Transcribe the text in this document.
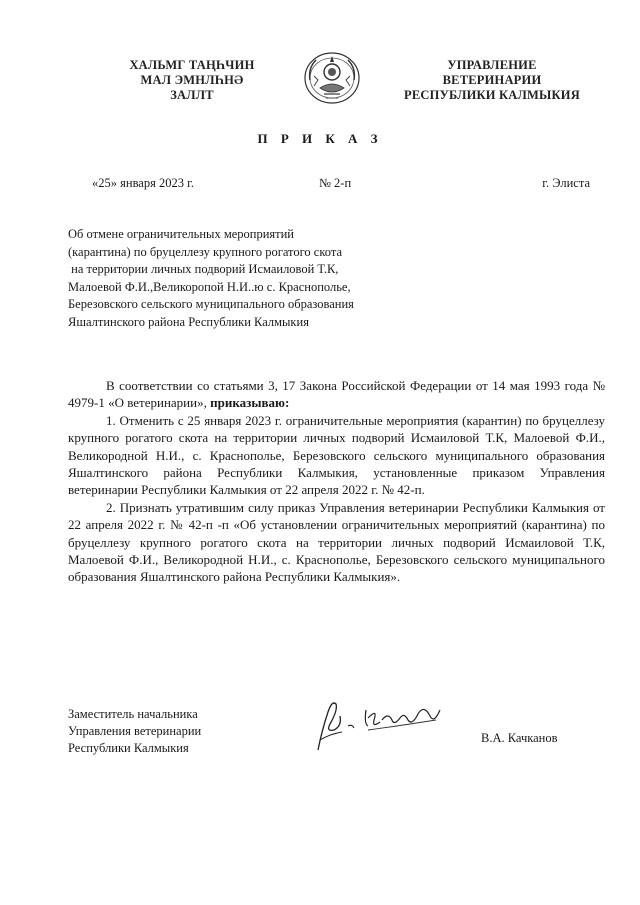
ХАЛЬМГ ТАҢҺЧИН
МАЛ ЭМНЛҺНӘ
ЗАЛЛТ
УПРАВЛЕНИЕ
ВЕТЕРИНАРИИ
РЕСПУБЛИКИ КАЛМЫКИЯ
П Р И К А З
«25» января 2023 г.	№ 2-п	г. Элиста
Об отмене ограничительных мероприятий
(карантина) по бруцеллезу крупного рогатого скота
на территории личных подворий Исмаиловой Т.К,
Малоевой Ф.И.,Великоропой Н.И..ю с. Краснополье,
Березовского сельского муниципального образования
Яшалтинского района Республики Калмыкия

В соответствии со статьями 3, 17 Закона Российской Федерации от 14 мая 1993 года № 4979-1 «О ветеринарии», приказываю:

1. Отменить с 25 января 2023 г. ограничительные мероприятия (карантин) по бруцеллезу крупного рогатого скота на территории личных подворий Исмаиловой Т.К, Малоевой Ф.И., Великородной Н.И., с. Краснополье, Березовского сельского муниципального образования Яшалтинского района Республики Калмыкия, установленные приказом Управления ветеринарии Республики Калмыкия от 22 апреля 2022 г. № 42-п.

2. Признать утратившим силу приказ Управления ветеринарии Республики Калмыкия от 22 апреля 2022 г. № 42-п -п «Об установлении ограничительных мероприятий (карантина) по бруцеллезу крупного рогатого скота на территории личных подворий Исмаиловой Т.К, Малоевой Ф.И., Великородной Н.И., с. Краснополье, Березовского сельского муниципального образования Яшалтинского района Республики Калмыкия».

Заместитель начальника
Управления ветеринарии
Республики Калмыкия
В.А. Качканов
